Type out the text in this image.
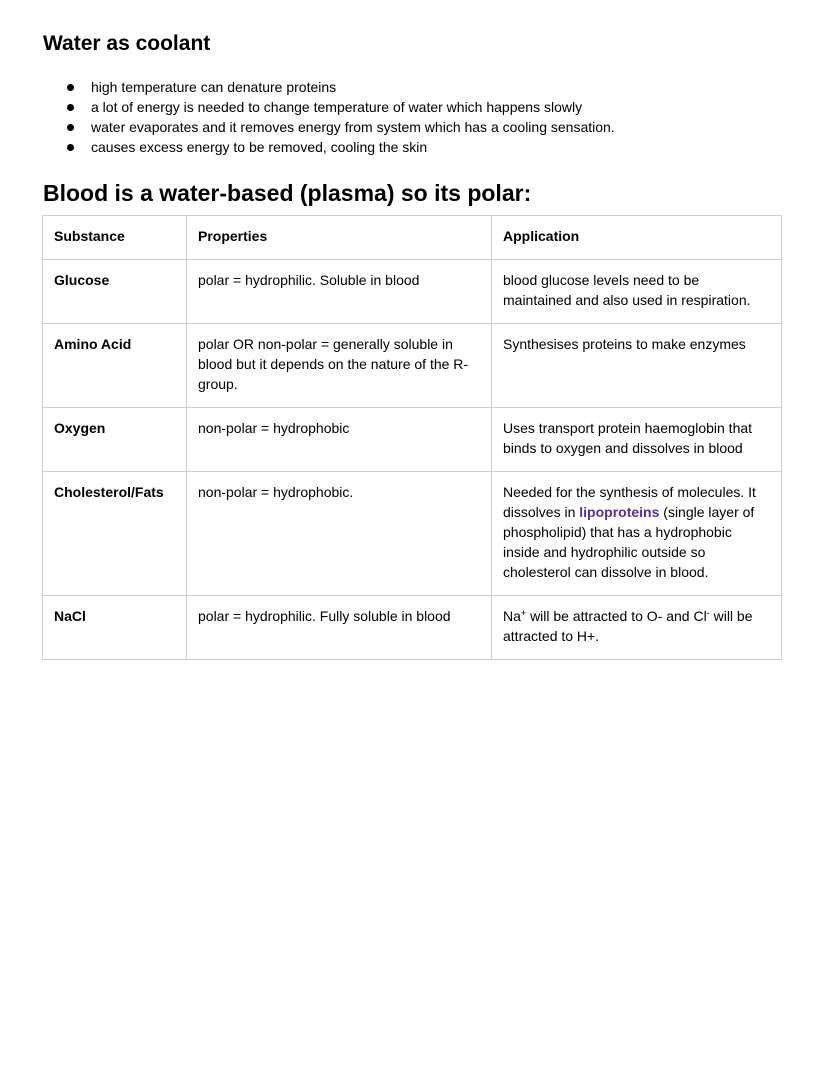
Water as coolant
high temperature can denature proteins
a lot of energy is needed to change temperature of water which happens slowly
water evaporates and it removes energy from system which has a cooling sensation.
causes excess energy to be removed, cooling the skin
Blood is a water-based (plasma) so its polar:
Substance	Properties	Application
Glucose	polar = hydrophilic. Soluble in blood	blood glucose levels need to be maintained and also used in respiration.
Amino Acid	polar OR non-polar = generally soluble in blood but it depends on the nature of the R-group.	Synthesises proteins to make enzymes
Oxygen	non-polar = hydrophobic	Uses transport protein haemoglobin that binds to oxygen and dissolves in blood
Cholesterol/Fats	non-polar = hydrophobic.	Needed for the synthesis of molecules. It dissolves in lipoproteins (single layer of phospholipid) that has a hydrophobic inside and hydrophilic outside so cholesterol can dissolve in blood.
NaCl	polar = hydrophilic. Fully soluble in blood	Na+ will be attracted to O- and Cl- will be attracted to H+.
